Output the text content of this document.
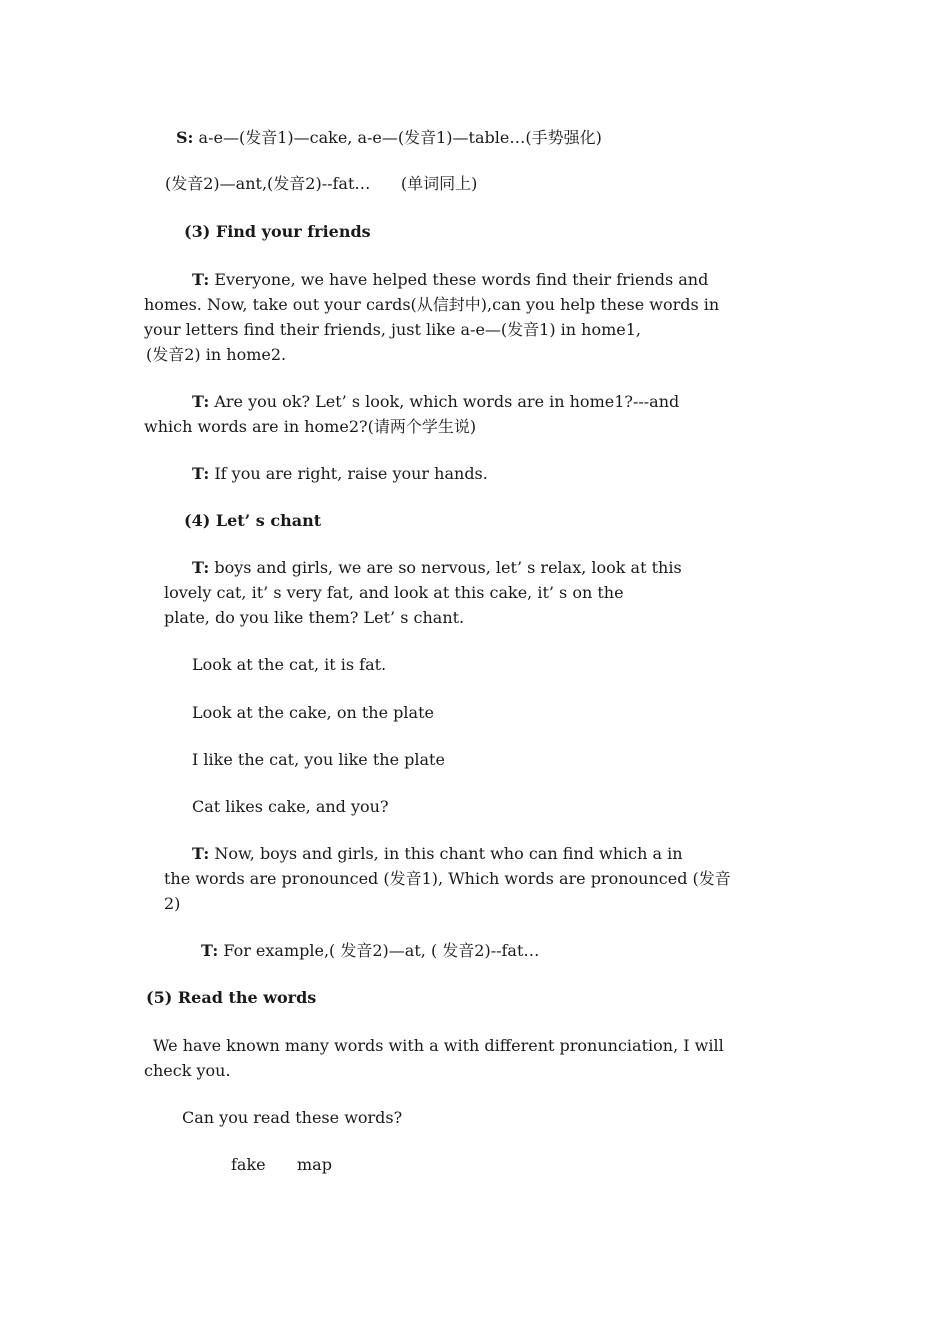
S: a-e—(发音1)—cake, a-e—(发音1)—table…(手势强化)
(发音2)—ant,(发音2)--fat…      (单词同上)
(3) Find your friends
T: Everyone, we have helped these words find their friends and
homes. Now, take out your cards(从信封中),can you help these words in
your letters find their friends, just like a-e—(发音1) in home1,
(发音2) in home2.
T: Are you ok? Let’ s look, which words are in home1?---and
which words are in home2?(请两个学生说)
T: If you are right, raise your hands.
(4) Let’ s chant
T: boys and girls, we are so nervous, let’ s relax, look at this
lovely cat, it’ s very fat, and look at this cake, it’ s on the
plate, do you like them? Let’ s chant.
Look at the cat, it is fat.
Look at the cake, on the plate
I like the cat, you like the plate
Cat likes cake, and you?
T: Now, boys and girls, in this chant who can find which a in
the words are pronounced (发音1), Which words are pronounced (发音
2)
T: For example,( 发音2)—at, ( 发音2)--fat…
(5) Read the words
We have known many words with a with different pronunciation, I will
check you.
Can you read these words?
fake map
